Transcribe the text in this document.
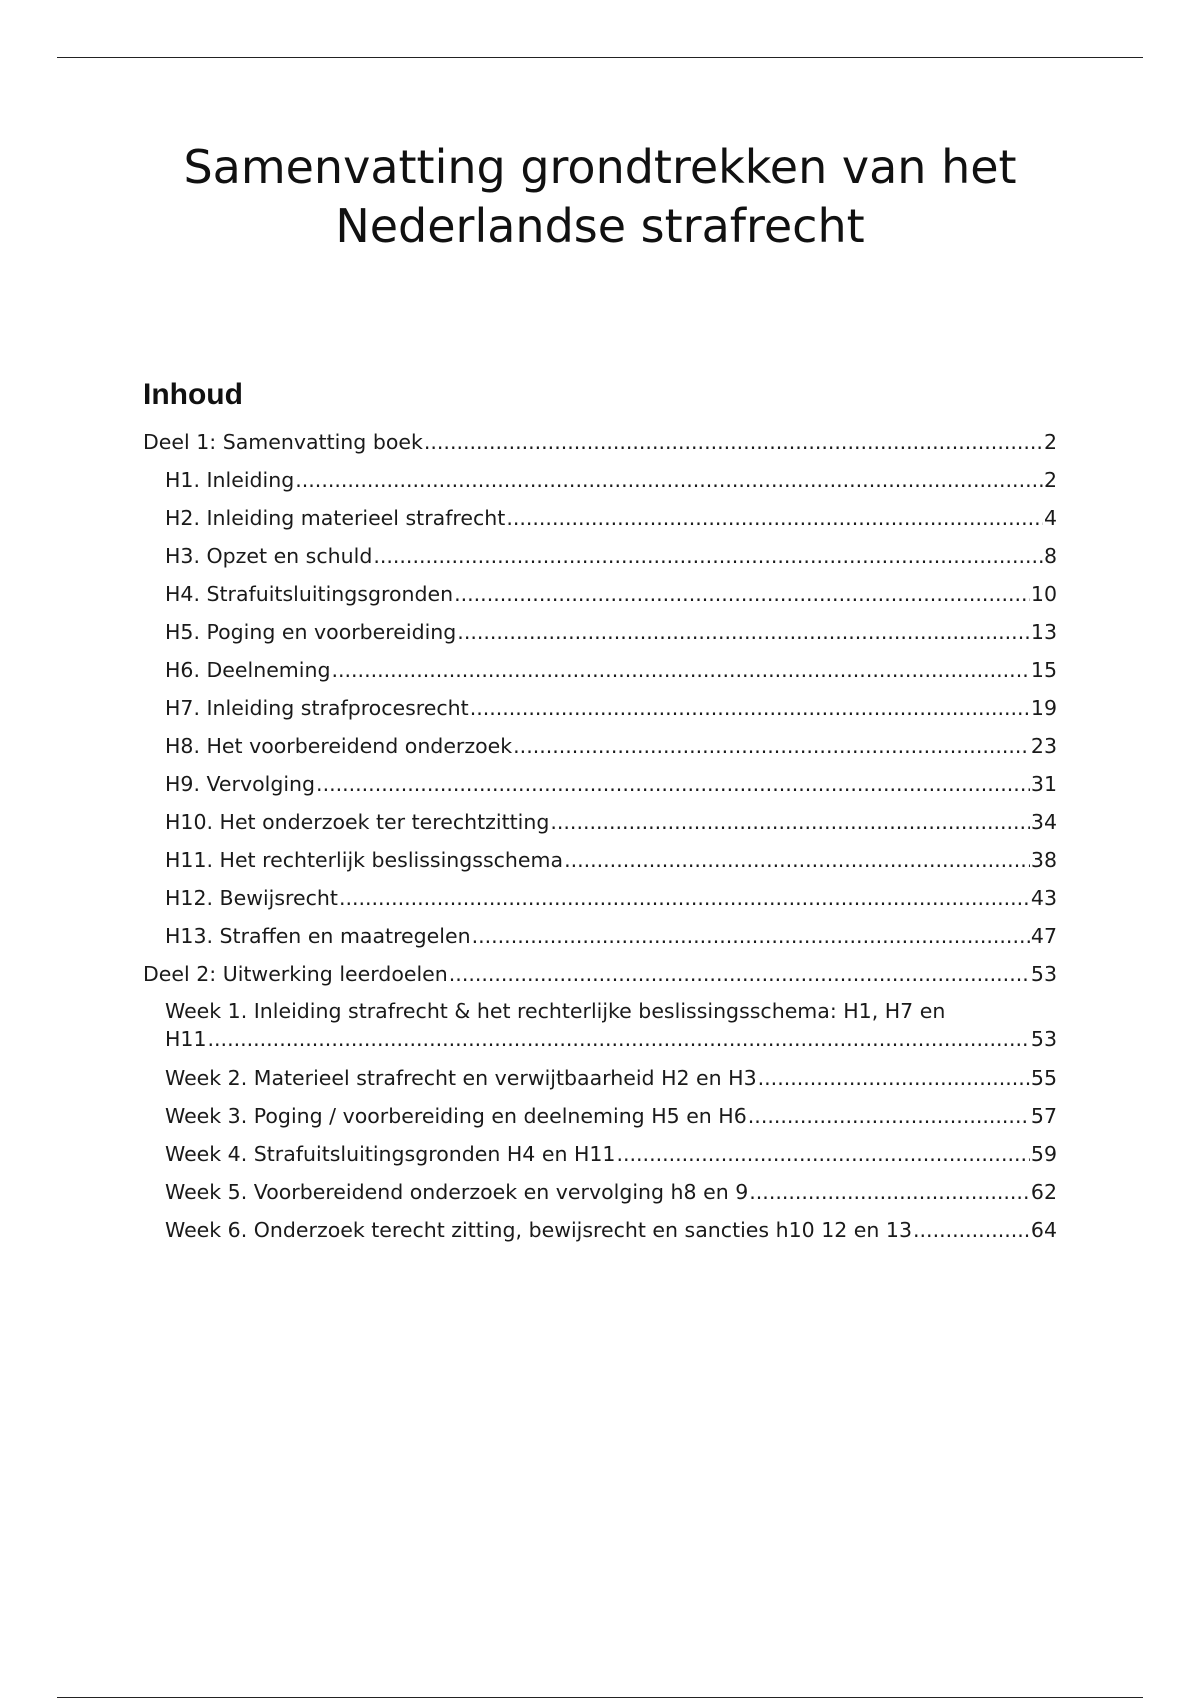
Samenvatting grondtrekken van het
Nederlandse strafrecht
Inhoud
Deel 1: Samenvatting boek .....	2
H1. Inleiding .....	2
H2. Inleiding materieel strafrecht .....	4
H3. Opzet en schuld .....	8
H4. Strafuitsluitingsgronden .....	10
H5. Poging en voorbereiding .....	13
H6. Deelneming .....	15
H7. Inleiding strafprocesrecht .....	19
H8. Het voorbereidend onderzoek .....	23
H9. Vervolging .....	31
H10. Het onderzoek ter terechtzitting .....	34
H11. Het rechterlijk beslissingsschema .....	38
H12. Bewijsrecht .....	43
H13. Straffen en maatregelen .....	47
Deel 2: Uitwerking leerdoelen .....	53
Week 1. Inleiding strafrecht & het rechterlijke beslissingsschema: H1, H7 en
H11 .....	53
Week 2. Materieel strafrecht en verwijtbaarheid H2 en H3 .....	55
Week 3. Poging / voorbereiding en deelneming H5 en H6 .....	57
Week 4. Strafuitsluitingsgronden H4 en H11 .....	59
Week 5. Voorbereidend onderzoek en vervolging h8 en 9 .....	62
Week 6. Onderzoek terecht zitting, bewijsrecht en sancties h10 12 en 13 .....	64
